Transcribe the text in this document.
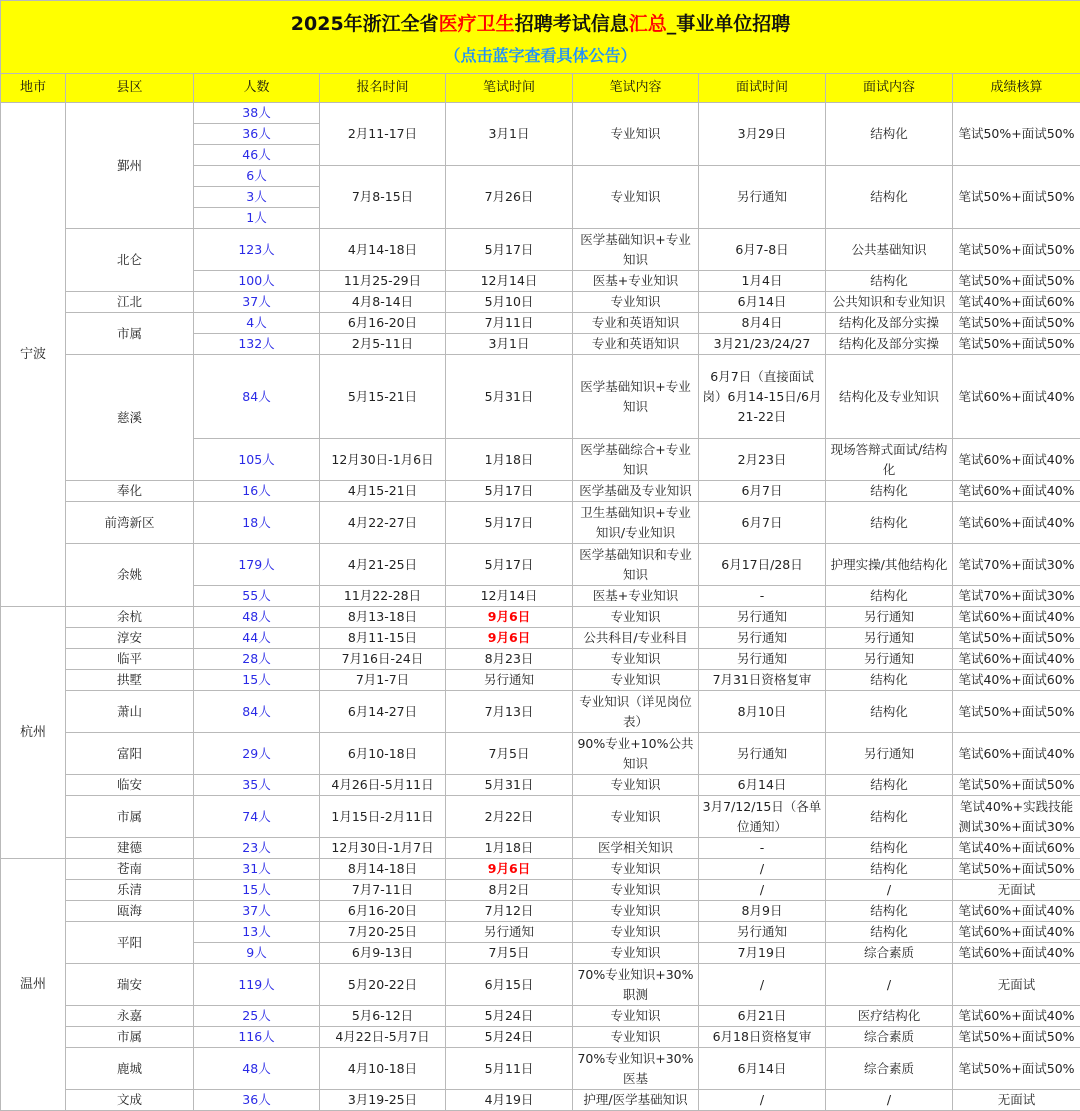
2025年浙江全省医疗卫生招聘考试信息汇总_事业单位招聘
（点击蓝字查看具体公告）								

地市	县区	人数	报名时间	笔试时间	笔试内容	面试时间	面试内容	成绩核算
宁波	鄞州	38人	2月11-17日	3月1日	专业知识	3月29日	结构化	笔试50%+面试50%
		36人						
		46人						
		6人	7月8-15日	7月26日	专业知识	另行通知	结构化	笔试50%+面试50%
		3人						
		1人						
	北仑	123人	4月14-18日	5月17日	医学基础知识+专业知识	6月7-8日	公共基础知识	笔试50%+面试50%
		100人	11月25-29日	12月14日	医基+专业知识	1月4日	结构化	笔试50%+面试50%
	江北	37人	4月8-14日	5月10日	专业知识	6月14日	公共知识和专业知识	笔试40%+面试60%
	市属	4人	6月16-20日	7月11日	专业和英语知识	8月4日	结构化及部分实操	笔试50%+面试50%
		132人	2月5-11日	3月1日	专业和英语知识	3月21/23/24/27	结构化及部分实操	笔试50%+面试50%
	慈溪	84人	5月15-21日	5月31日	医学基础知识+专业知识	6月7日（直接面试岗）6月14-15日/6月21-22日	结构化及专业知识	笔试60%+面试40%
		105人	12月30日-1月6日	1月18日	医学基础综合+专业知识	2月23日	现场答辩式面试/结构化	笔试60%+面试40%
	奉化	16人	4月15-21日	5月17日	医学基础及专业知识	6月7日	结构化	笔试60%+面试40%
	前湾新区	18人	4月22-27日	5月17日	卫生基础知识+专业知识/专业知识	6月7日	结构化	笔试60%+面试40%
	余姚	179人	4月21-25日	5月17日	医学基础知识和专业知识	6月17日/28日	护理实操/其他结构化	笔试70%+面试30%
		55人	11月22-28日	12月14日	医基+专业知识	-	结构化	笔试70%+面试30%
杭州	余杭	48人	8月13-18日	9月6日	专业知识	另行通知	另行通知	笔试60%+面试40%
	淳安	44人	8月11-15日	9月6日	公共科目/专业科目	另行通知	另行通知	笔试50%+面试50%
	临平	28人	7月16日-24日	8月23日	专业知识	另行通知	另行通知	笔试60%+面试40%
	拱墅	15人	7月1-7日	另行通知	专业知识	7月31日资格复审	结构化	笔试40%+面试60%
	萧山	84人	6月14-27日	7月13日	专业知识（详见岗位表）	8月10日	结构化	笔试50%+面试50%
	富阳	29人	6月10-18日	7月5日	90%专业+10%公共知识	另行通知	另行通知	笔试60%+面试40%
	临安	35人	4月26日-5月11日	5月31日	专业知识	6月14日	结构化	笔试50%+面试50%
	市属	74人	1月15日-2月11日	2月22日	专业知识	3月7/12/15日（各单位通知）	结构化	笔试40%+实践技能测试30%+面试30%
	建德	23人	12月30日-1月7日	1月18日	医学相关知识	-	结构化	笔试40%+面试60%
温州	苍南	31人	8月14-18日	9月6日	专业知识	/	结构化	笔试50%+面试50%
	乐清	15人	7月7-11日	8月2日	专业知识	/	/	无面试
	瓯海	37人	6月16-20日	7月12日	专业知识	8月9日	结构化	笔试60%+面试40%
	平阳	13人	7月20-25日	另行通知	专业知识	另行通知	结构化	笔试60%+面试40%
		9人	6月9-13日	7月5日	专业知识	7月19日	综合素质	笔试60%+面试40%
	瑞安	119人	5月20-22日	6月15日	70%专业知识+30%职测	/	/	无面试
	永嘉	25人	5月6-12日	5月24日	专业知识	6月21日	医疗结构化	笔试60%+面试40%
	市属	116人	4月22日-5月7日	5月24日	专业知识	6月18日资格复审	综合素质	笔试50%+面试50%
	鹿城	48人	4月10-18日	5月11日	70%专业知识+30%医基	6月14日	综合素质	笔试50%+面试50%
	文成	36人	3月19-25日	4月19日	护理/医学基础知识	/	/	无面试
